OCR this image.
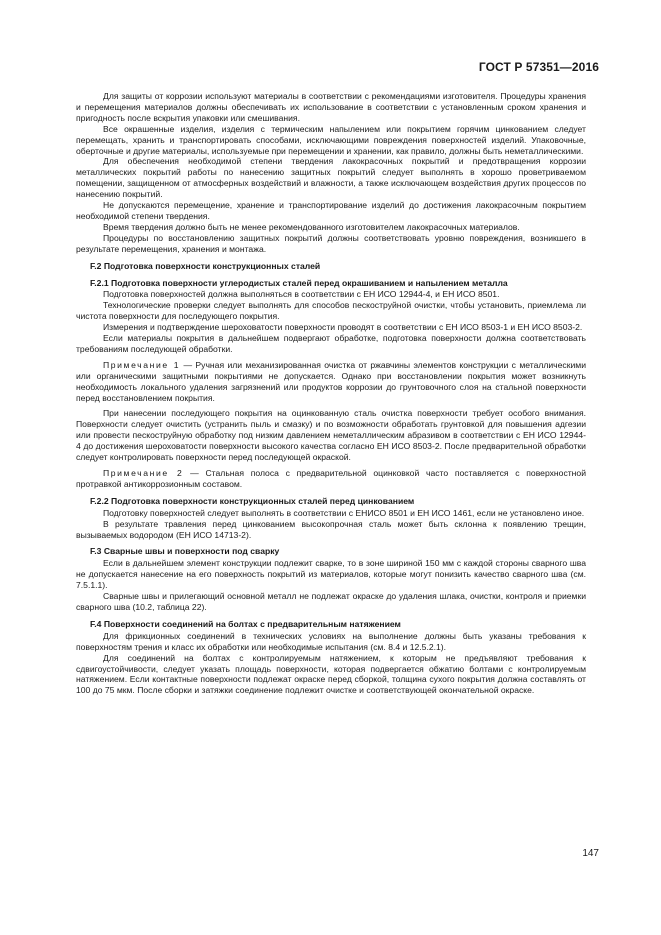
ГОСТ Р 57351—2016

Для защиты от коррозии используют материалы в соответствии с рекомендациями изготовителя. Процедуры хранения и перемещения материалов должны обеспечивать их использование в соответствии с установленным сроком хранения и пригодность после вскрытия упаковки или смешивания.

Все окрашенные изделия, изделия с термическим напылением или покрытием горячим цинкованием следует перемещать, хранить и транспортировать способами, исключающими повреждения поверхностей изделий. Упаковочные, оберточные и другие материалы, используемые при перемещении и хранении, как правило, должны быть неметаллическими.

Для обеспечения необходимой степени твердения лакокрасочных покрытий и предотвращения коррозии металлических покрытий работы по нанесению защитных покрытий следует выполнять в хорошо проветриваемом помещении, защищенном от атмосферных воздействий и влажности, а также исключающем воздействия других процессов по нанесению покрытий.

Не допускаются перемещение, хранение и транспортирование изделий до достижения лакокрасочным покрытием необходимой степени твердения.

Время твердения должно быть не менее рекомендованного изготовителем лакокрасочных материалов.

Процедуры по восстановлению защитных покрытий должны соответствовать уровню повреждения, возникшего в результате перемещения, хранения и монтажа.

F.2 Подготовка поверхности конструкционных сталей
F.2.1 Подготовка поверхности углеродистых сталей перед окрашиванием и напылением металла

Подготовка поверхностей должна выполняться в соответствии с ЕН ИСО 12944-4, и ЕН ИСО 8501.

Технологические проверки следует выполнять для способов пескоструйной очистки, чтобы установить, приемлема ли чистота поверхности для последующего покрытия.

Измерения и подтверждение шероховатости поверхности проводят в соответствии с ЕН ИСО 8503-1 и ЕН ИСО 8503-2.

Если материалы покрытия в дальнейшем подвергают обработке, подготовка поверхности должна соответствовать требованиям последующей обработки.

Примечание 1 — Ручная или механизированная очистка от ржавчины элементов конструкции с металлическими или органическими защитными покрытиями не допускается. Однако при восстановлении покрытия может возникнуть необходимость локального удаления загрязнений или продуктов коррозии до грунтовочного слоя на стальной поверхности перед восстановлением покрытия.

При нанесении последующего покрытия на оцинкованную сталь очистка поверхности требует особого внимания. Поверхности следует очистить (устранить пыль и смазку) и по возможности обработать грунтовкой для повышения адгезии или провести пескоструйную обработку под низким давлением неметаллическим абразивом в соответствии с ЕН ИСО 12944-4 до достижения шероховатости поверхности высокого качества согласно ЕН ИСО 8503-2. После предварительной обработки следует контролировать поверхности перед последующей окраской.

Примечание 2 — Стальная полоса с предварительной оцинковкой часто поставляется с поверхностной протравкой антикоррозионным составом.

F.2.2 Подготовка поверхности конструкционных сталей перед цинкованием

Подготовку поверхностей следует выполнять в соответствии с ЕНИСО 8501 и ЕН ИСО 1461, если не установлено иное.

В результате травления перед цинкованием высокопрочная сталь может быть склонна к появлению трещин, вызываемых водородом (ЕН ИСО 14713-2).

F.3 Сварные швы и поверхности под сварку

Если в дальнейшем элемент конструкции подлежит сварке, то в зоне шириной 150 мм с каждой стороны сварного шва не допускается нанесение на его поверхность покрытий из материалов, которые могут понизить качество сварного шва (см. 7.5.1.1).

Сварные швы и прилегающий основной металл не подлежат окраске до удаления шлака, очистки, контроля и приемки сварного шва (10.2, таблица 22).

F.4 Поверхности соединений на болтах с предварительным натяжением

Для фрикционных соединений в технических условиях на выполнение должны быть указаны требования к поверхностям трения и класс их обработки или необходимые испытания (см. 8.4 и 12.5.2.1).

Для соединений на болтах с контролируемым натяжением, к которым не предъявляют требования к сдвигоустойчивости, следует указать площадь поверхности, которая подвергается обжатию болтами с контролируемым натяжением. Если контактные поверхности подлежат окраске перед сборкой, толщина сухого покрытия должна составлять от 100 до 75 мкм. После сборки и затяжки соединение подлежит очистке и соответствующей окончательной окраске.

147
